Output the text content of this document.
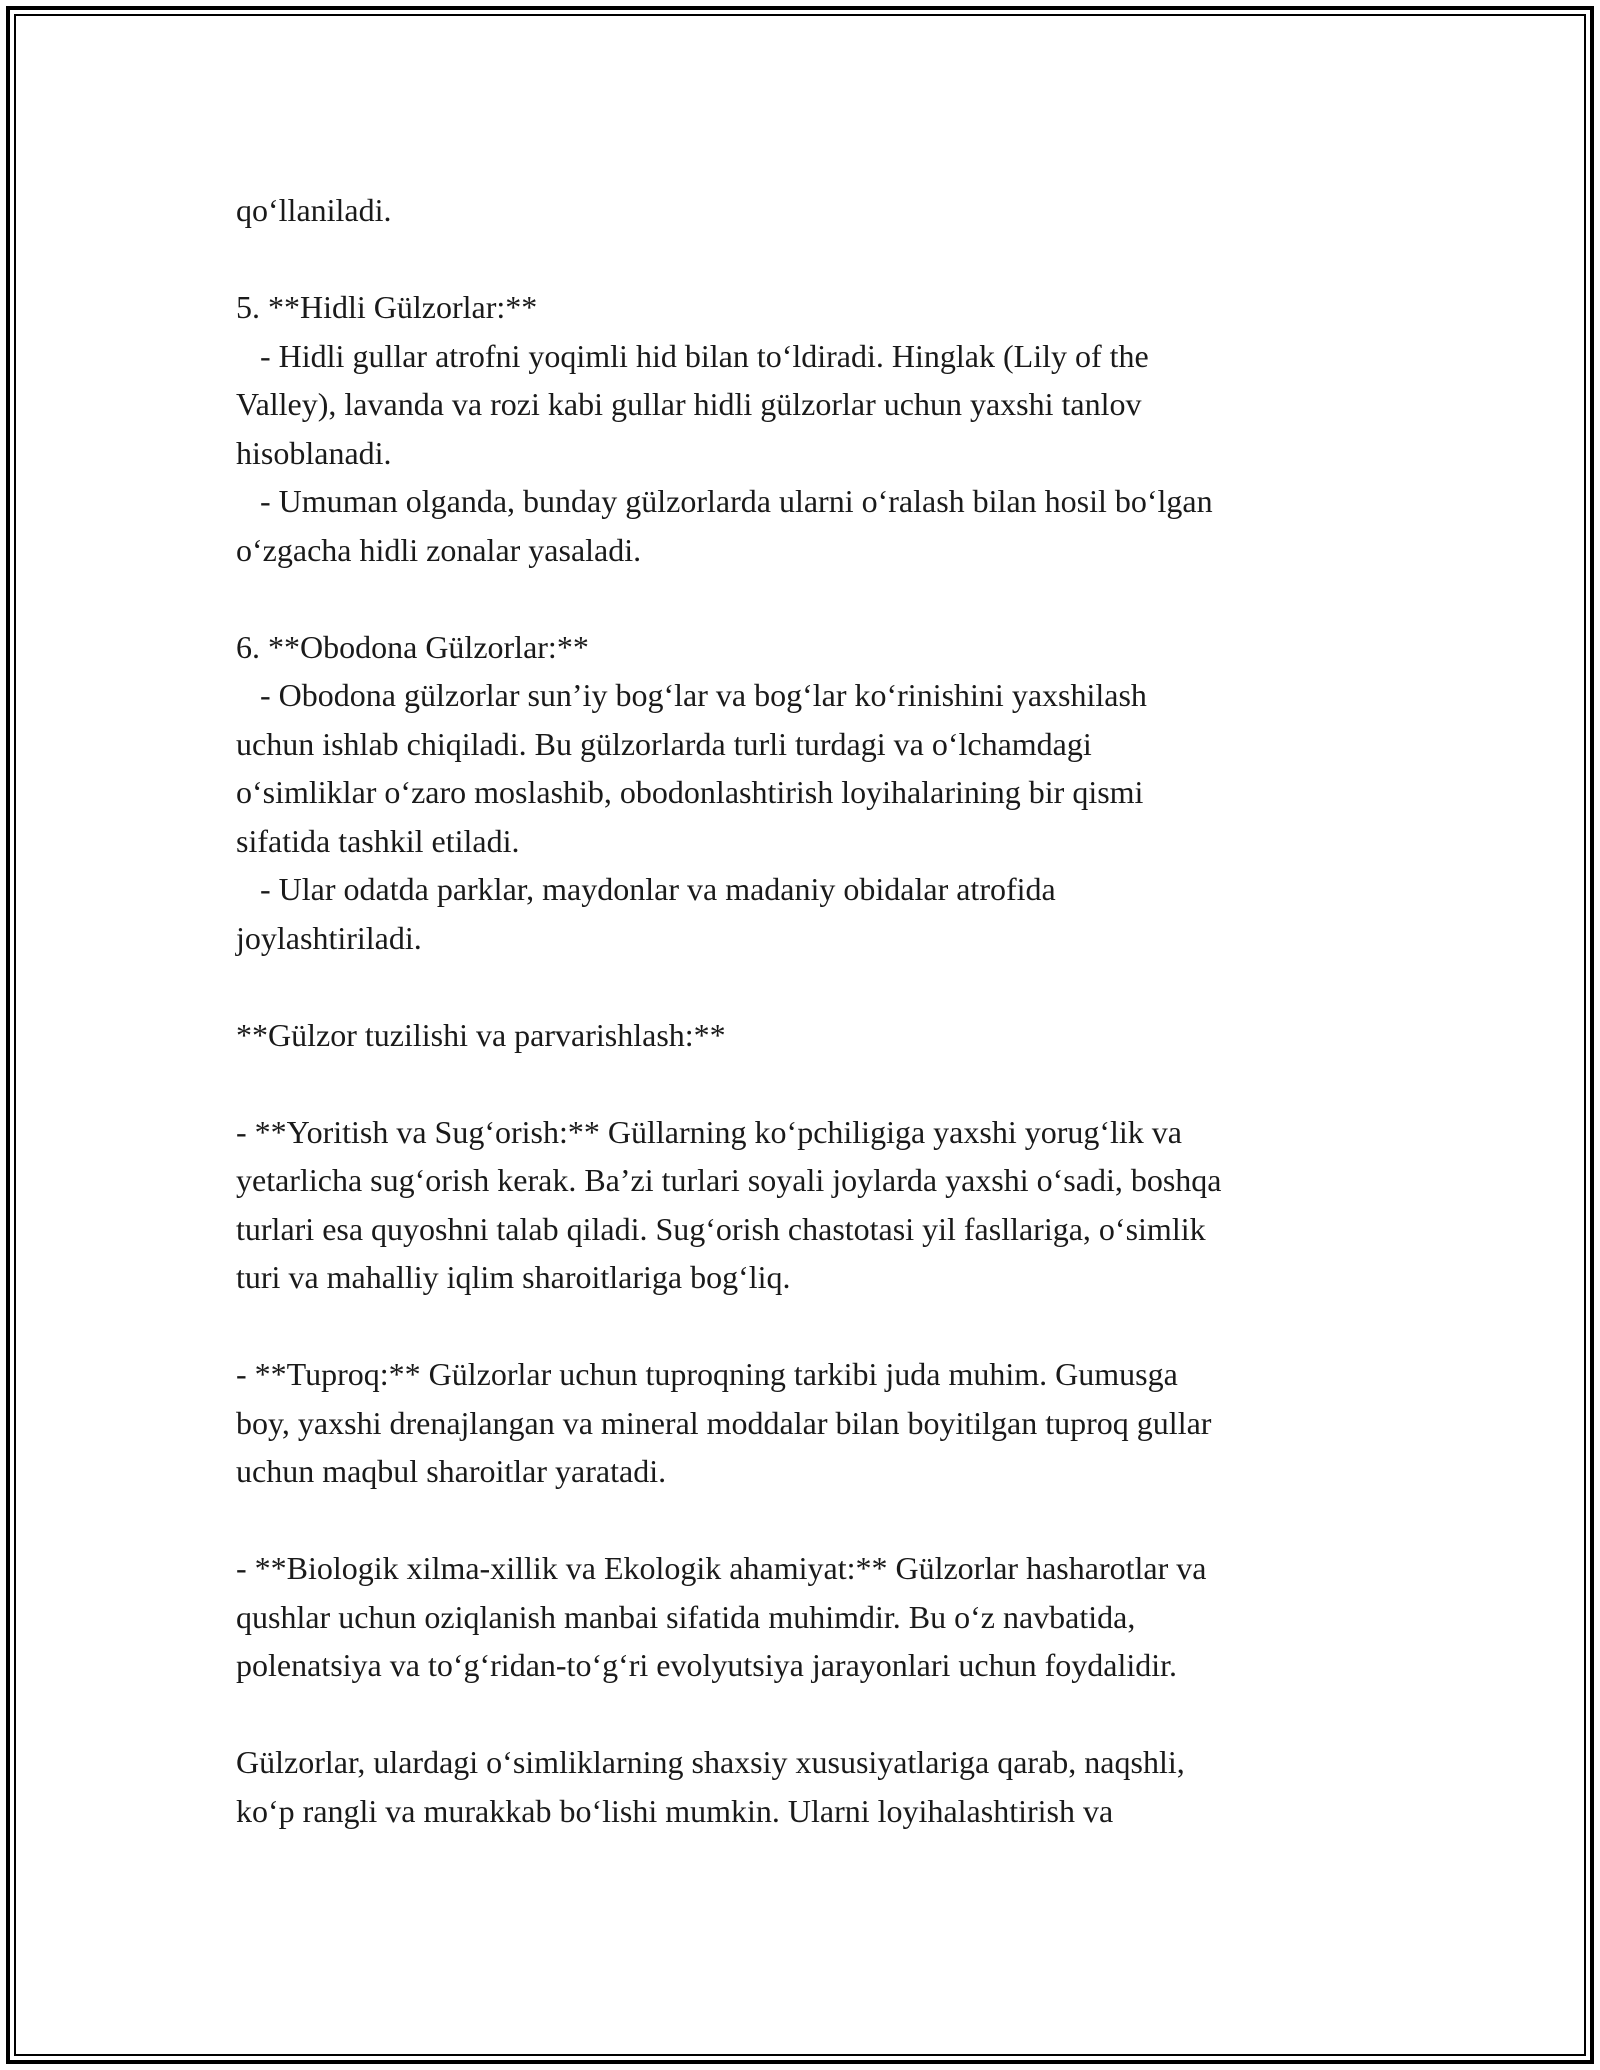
qo‘llaniladi.
5. **Hidli Gülzorlar:**
- Hidli gullar atrofni yoqimli hid bilan to‘ldiradi. Hinglak (Lily of the
Valley), lavanda va rozi kabi gullar hidli gülzorlar uchun yaxshi tanlov
hisoblanadi.
- Umuman olganda, bunday gülzorlarda ularni o‘ralash bilan hosil bo‘lgan
o‘zgacha hidli zonalar yasaladi.
6. **Obodona Gülzorlar:**
- Obodona gülzorlar sun’iy bog‘lar va bog‘lar ko‘rinishini yaxshilash
uchun ishlab chiqiladi. Bu gülzorlarda turli turdagi va o‘lchamdagi
o‘simliklar o‘zaro moslashib, obodonlashtirish loyihalarining bir qismi
sifatida tashkil etiladi.
- Ular odatda parklar, maydonlar va madaniy obidalar atrofida
joylashtiriladi.
**Gülzor tuzilishi va parvarishlash:**
- **Yoritish va Sug‘orish:** Güllarning ko‘pchiligiga yaxshi yorug‘lik va
yetarlicha sug‘orish kerak. Ba’zi turlari soyali joylarda yaxshi o‘sadi, boshqa
turlari esa quyoshni talab qiladi. Sug‘orish chastotasi yil fasllariga, o‘simlik
turi va mahalliy iqlim sharoitlariga bog‘liq.
- **Tuproq:** Gülzorlar uchun tuproqning tarkibi juda muhim. Gumusga
boy, yaxshi drenajlangan va mineral moddalar bilan boyitilgan tuproq gullar
uchun maqbul sharoitlar yaratadi.
- **Biologik xilma-xillik va Ekologik ahamiyat:** Gülzorlar hasharotlar va
qushlar uchun oziqlanish manbai sifatida muhimdir. Bu o‘z navbatida,
polenatsiya va to‘g‘ridan-to‘g‘ri evolyutsiya jarayonlari uchun foydalidir.
Gülzorlar, ulardagi o‘simliklarning shaxsiy xususiyatlariga qarab, naqshli,
ko‘p rangli va murakkab bo‘lishi mumkin. Ularni loyihalashtirish va
